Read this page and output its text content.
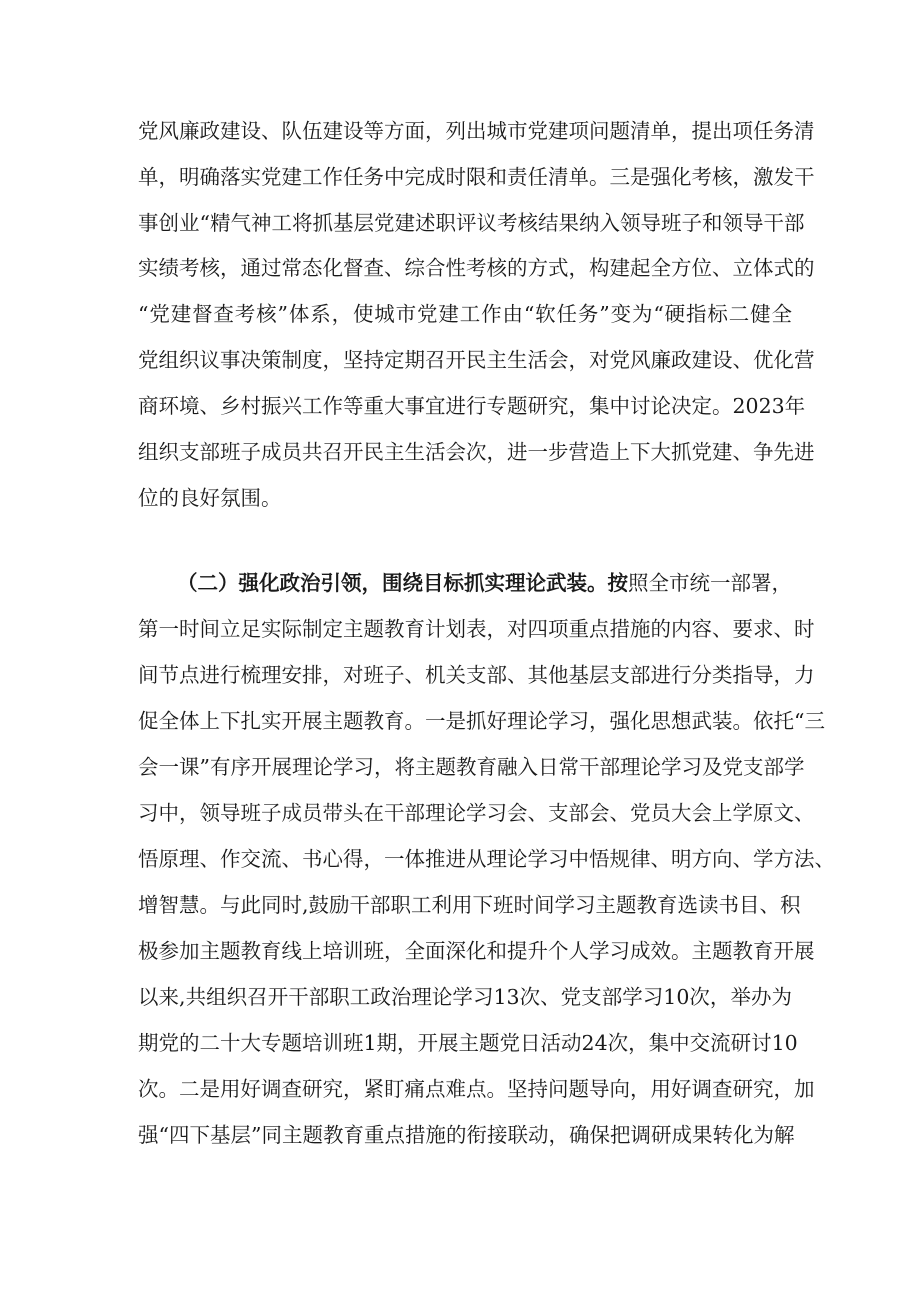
党风廉政建设、队伍建设等方面，列出城市党建项问题清单，提出项任务清
单，明确落实党建工作任务中完成时限和责任清单。三是强化考核，激发干
事创业“精气神工将抓基层党建述职评议考核结果纳入领导班子和领导干部
实绩考核，通过常态化督查、综合性考核的方式，构建起全方位、立体式的
“党建督查考核”体系，使城市党建工作由“软任务”变为“硬指标二健全
党组织议事决策制度，坚持定期召开民主生活会，对党风廉政建设、优化营
商环境、乡村振兴工作等重大事宜进行专题研究，集中讨论决定。2023年
组织支部班子成员共召开民主生活会次，进一步营造上下大抓党建、争先进
位的良好氛围。
（二）强化政治引领，围绕目标抓实理论武装。按照全市统一部署，
第一时间立足实际制定主题教育计划表，对四项重点措施的内容、要求、时
间节点进行梳理安排，对班子、机关支部、其他基层支部进行分类指导，力
促全体上下扎实开展主题教育。一是抓好理论学习，强化思想武装。依托“三
会一课”有序开展理论学习，将主题教育融入日常干部理论学习及党支部学
习中，领导班子成员带头在干部理论学习会、支部会、党员大会上学原文、
悟原理、作交流、书心得，一体推进从理论学习中悟规律、明方向、学方法、
增智慧。与此同时,鼓励干部职工利用下班时间学习主题教育选读书目、积
极参加主题教育线上培训班，全面深化和提升个人学习成效。主题教育开展
以来,共组织召开干部职工政治理论学习13次、党支部学习10次，举办为
期党的二十大专题培训班1期，开展主题党日活动24次，集中交流研讨10
次。二是用好调查研究，紧盯痛点难点。坚持问题导向，用好调查研究，加
强“四下基层”同主题教育重点措施的衔接联动，确保把调研成果转化为解
